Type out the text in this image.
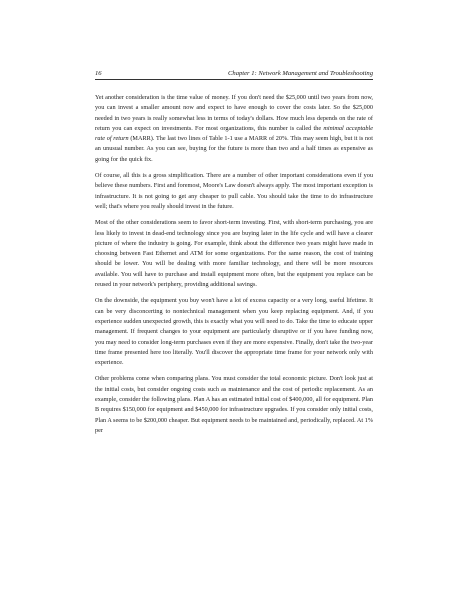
16	Chapter 1: Network Management and Troubleshooting

Yet another consideration is the time value of money. If you don't need the $25,000 until two years from now, you can invest a smaller amount now and expect to have enough to cover the costs later. So the $25,000 needed in two years is really somewhat less in terms of today's dollars. How much less depends on the rate of return you can expect on investments. For most organizations, this number is called the minimal acceptable rate of return (MARR). The last two lines of Table 1-1 use a MARR of 20%. This may seem high, but it is not an unusual number. As you can see, buying for the future is more than two and a half times as expensive as going for the quick fix.

Of course, all this is a gross simplification. There are a number of other important considerations even if you believe these numbers. First and foremost, Moore's Law doesn't always apply. The most important exception is infrastructure. It is not going to get any cheaper to pull cable. You should take the time to do infrastructure well; that's where you really should invest in the future.

Most of the other considerations seem to favor short-term investing. First, with short-term purchasing, you are less likely to invest in dead-end technology since you are buying later in the life cycle and will have a clearer picture of where the industry is going. For example, think about the difference two years might have made in choosing between Fast Ethernet and ATM for some organizations. For the same reason, the cost of training should be lower. You will be dealing with more familiar technology, and there will be more resources available. You will have to purchase and install equipment more often, but the equipment you replace can be reused in your network's periphery, providing additional savings.

On the downside, the equipment you buy won't have a lot of excess capacity or a very long, useful lifetime. It can be very disconcerting to nontechnical management when you keep replacing equipment. And, if you experience sudden unexpected growth, this is exactly what you will need to do. Take the time to educate upper management. If frequent changes to your equipment are particularly disruptive or if you have funding now, you may need to consider long-term purchases even if they are more expensive. Finally, don't take the two-year time frame presented here too literally. You'll discover the appropriate time frame for your network only with experience.

Other problems come when comparing plans. You must consider the total economic picture. Don't look just at the initial costs, but consider ongoing costs such as maintenance and the cost of periodic replacement. As an example, consider the following plans. Plan A has an estimated initial cost of $400,000, all for equipment. Plan B requires $150,000 for equipment and $450,000 for infrastructure upgrades. If you consider only initial costs, Plan A seems to be $200,000 cheaper. But equipment needs to be maintained and, periodically, replaced. At 1% per
